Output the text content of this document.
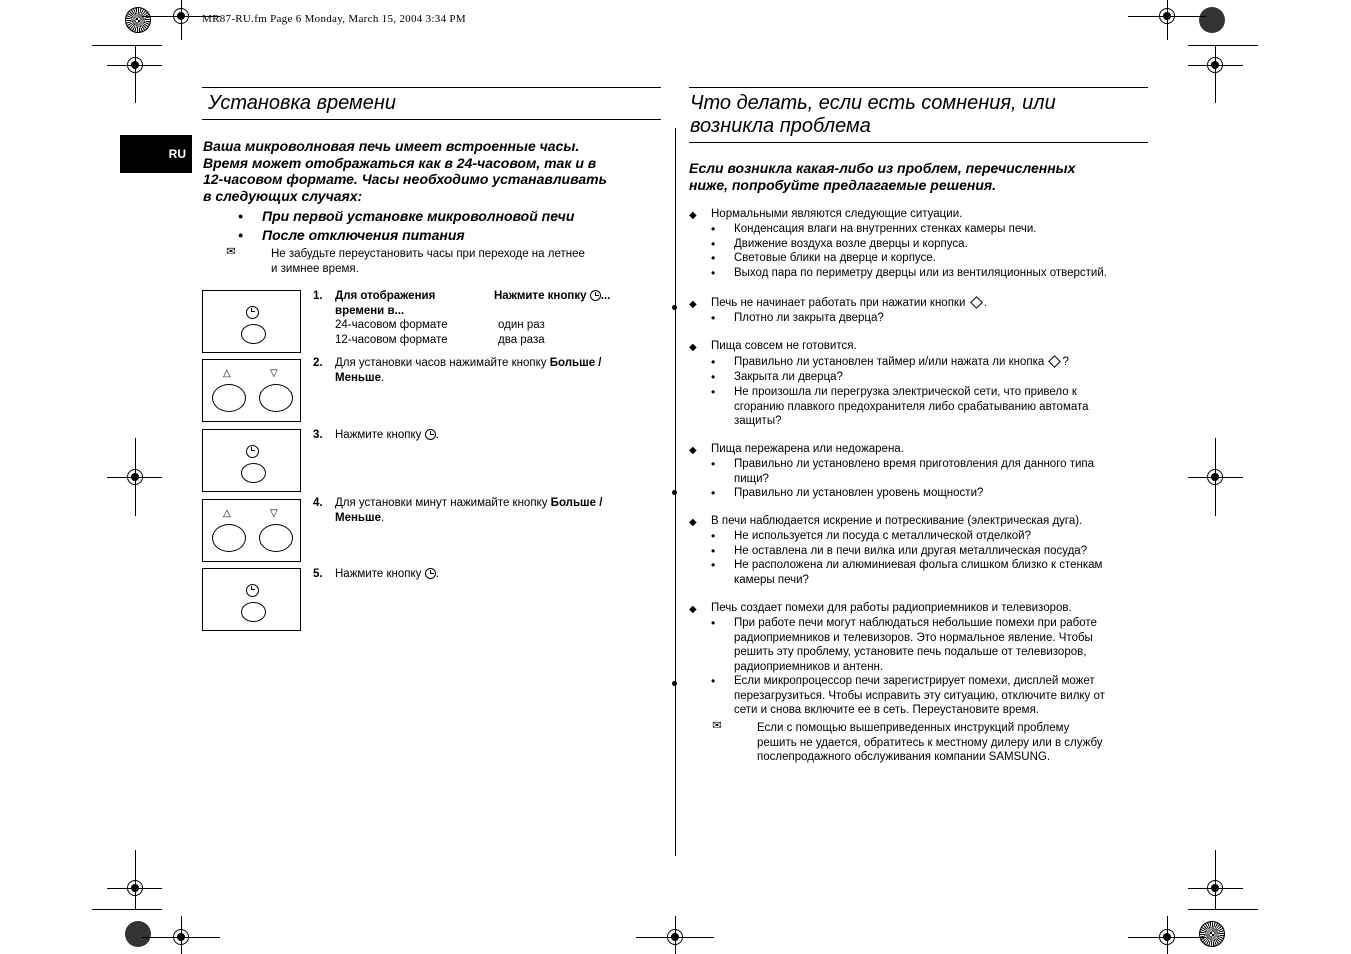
MR87-RU.fm Page 6 Monday, March 15, 2004 3:34 PM
RU
Установка времени
Ваша микроволновая печь имеет встроенные часы.
Время может отображаться как в 24-часовом, так и в
12-часовом формате. Часы необходимо устанавливать
в следующих случаях:
• При первой установке микроволновой печи
• После отключения питания
✉	Не забудьте переустановить часы при переходе на летнее
и зимнее время.
△	▽
△	▽
1. Для отображения
времени в...
Нажмите кнопку ...
24-часовом формате	один раз
12-часовом формате	два раза
2. Для установки часов нажимайте кнопку Больше /
Меньше.
3. Нажмите кнопку .
4. Для установки минут нажимайте кнопку Больше /
Меньше.
5. Нажмите кнопку .
Что делать, если есть сомнения, или
возникла проблема
Если возникла какая-либо из проблем, перечисленных
ниже, попробуйте предлагаемые решения.
◆ Нормальными являются следующие ситуации.
• Конденсация влаги на внутренних стенках камеры печи.
• Движение воздуха возле дверцы и корпуса.
• Световые блики на дверце и корпусе.
• Выход пара по периметру дверцы или из вентиляционных отверстий.
◆ Печь не начинает работать при нажатии кнопки .
• Плотно ли закрыта дверца?
◆ Пища совсем не готовится.
• Правильно ли установлен таймер и/или нажата ли кнопка ?
• Закрыта ли дверца?
• Не произошла ли перегрузка электрической сети, что привело к
сгоранию плавкого предохранителя либо срабатыванию автомата
защиты?
◆ Пища пережарена или недожарена.
• Правильно ли установлено время приготовления для данного типа
пищи?
• Правильно ли установлен уровень мощности?
◆ В печи наблюдается искрение и потрескивание (электрическая дуга).
• Не используется ли посуда с металлической отделкой?
• Не оставлена ли в печи вилка или другая металлическая посуда?
• Не расположена ли алюминиевая фольга слишком близко к стенкам
камеры печи?
◆ Печь создает помехи для работы радиоприемников и телевизоров.
• При работе печи могут наблюдаться небольшие помехи при работе
радиоприемников и телевизоров. Это нормальное явление. Чтобы
решить эту проблему, установите печь подальше от телевизоров,
радиоприемников и антенн.
• Если микропроцессор печи зарегистрирует помехи, дисплей может
перезагрузиться. Чтобы исправить эту ситуацию, отключите вилку от
сети и снова включите ее в сеть. Переустановите время.
✉	Если с помощью вышеприведенных инструкций проблему
решить не удается, обратитесь к местному дилеру или в службу
послепродажного обслуживания компании SAMSUNG.
